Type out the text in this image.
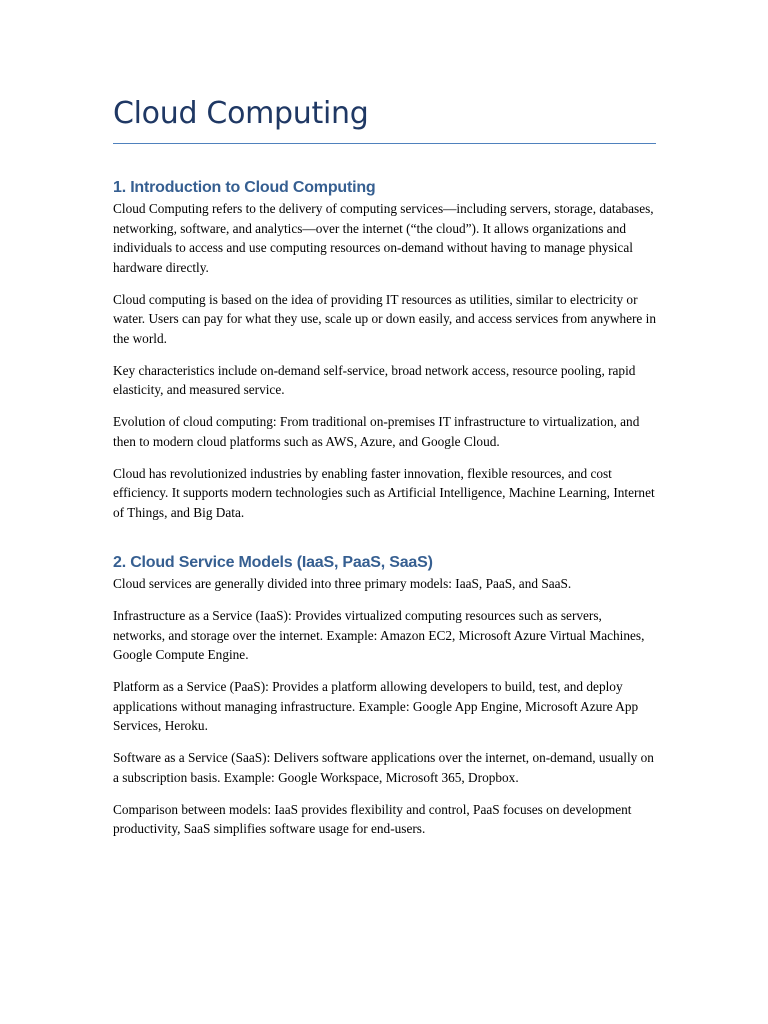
Cloud Computing
1. Introduction to Cloud Computing

Cloud Computing refers to the delivery of computing services—including servers, storage, databases, networking, software, and analytics—over the internet (“the cloud”). It allows organizations and individuals to access and use computing resources on-demand without having to manage physical hardware directly.

Cloud computing is based on the idea of providing IT resources as utilities, similar to electricity or water. Users can pay for what they use, scale up or down easily, and access services from anywhere in the world.

Key characteristics include on-demand self-service, broad network access, resource pooling, rapid elasticity, and measured service.

Evolution of cloud computing: From traditional on-premises IT infrastructure to virtualization, and then to modern cloud platforms such as AWS, Azure, and Google Cloud.

Cloud has revolutionized industries by enabling faster innovation, flexible resources, and cost efficiency. It supports modern technologies such as Artificial Intelligence, Machine Learning, Internet of Things, and Big Data.

2. Cloud Service Models (IaaS, PaaS, SaaS)

Cloud services are generally divided into three primary models: IaaS, PaaS, and SaaS.

Infrastructure as a Service (IaaS): Provides virtualized computing resources such as servers, networks, and storage over the internet. Example: Amazon EC2, Microsoft Azure Virtual Machines, Google Compute Engine.

Platform as a Service (PaaS): Provides a platform allowing developers to build, test, and deploy applications without managing infrastructure. Example: Google App Engine, Microsoft Azure App Services, Heroku.

Software as a Service (SaaS): Delivers software applications over the internet, on-demand, usually on a subscription basis. Example: Google Workspace, Microsoft 365, Dropbox.

Comparison between models: IaaS provides flexibility and control, PaaS focuses on development productivity, SaaS simplifies software usage for end-users.
